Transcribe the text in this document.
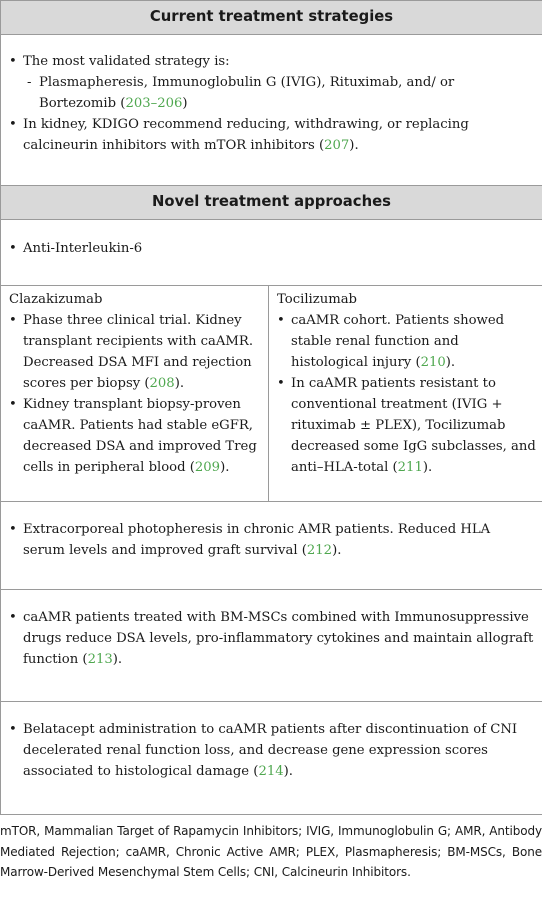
Current treatment strategies

• The most validated strategy is:
- Plasmapheresis, Immunoglobulin G (IVIG), Rituximab, and/ or Bortezomib (203–206)
• In kidney, KDIGO recommend reducing, withdrawing, or replacing calcineurin inhibitors with mTOR inhibitors (207).

Novel treatment approaches

• Anti-Interleukin-6

Clazakizumab
• Phase three clinical trial. Kidney transplant recipients with caAMR. Decreased DSA MFI and rejection scores per biopsy (208).
• Kidney transplant biopsy-proven caAMR. Patients had stable eGFR, decreased DSA and improved Treg cells in peripheral blood (209).

Tocilizumab
• caAMR cohort. Patients showed stable renal function and histological injury (210).
• In caAMR patients resistant to conventional treatment (IVIG + rituximab ± PLEX), Tocilizumab decreased some IgG subclasses, and anti–HLA-total (211).

• Extracorporeal photopheresis in chronic AMR patients. Reduced HLA serum levels and improved graft survival (212).

• caAMR patients treated with BM-MSCs combined with Immunosuppressive drugs reduce DSA levels, pro-inflammatory cytokines and maintain allograft function (213).

• Belatacept administration to caAMR patients after discontinuation of CNI decelerated renal function loss, and decrease gene expression scores associated to histological damage (214).
mTOR, Mammalian Target of Rapamycin Inhibitors; IVIG, Immunoglobulin G; AMR, Antibody Mediated Rejection; caAMR, Chronic Active AMR; PLEX, Plasmapheresis; BM-MSCs, Bone Marrow-Derived Mesenchymal Stem Cells; CNI, Calcineurin Inhibitors.
